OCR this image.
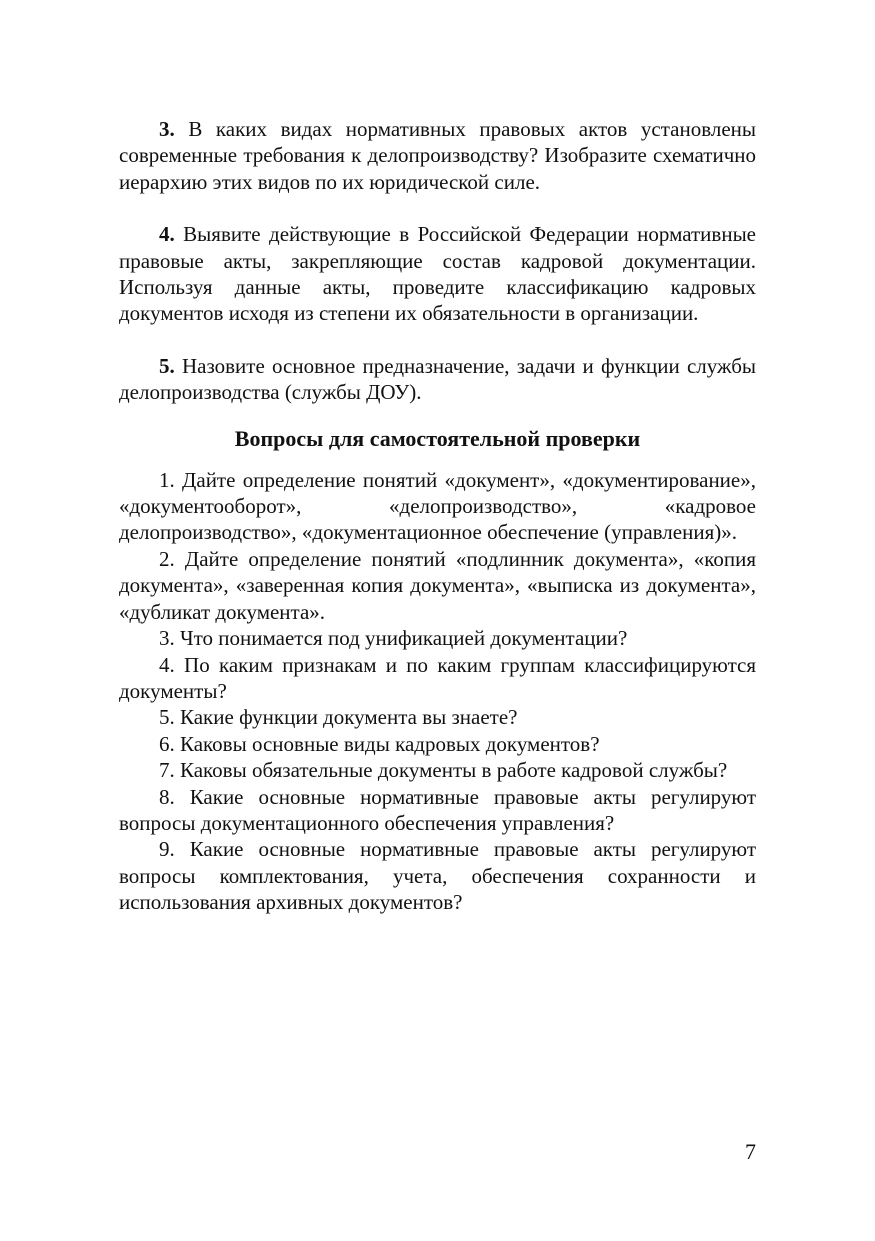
3. В каких видах нормативных правовых актов установлены современные требования к делопроизводству? Изобразите схематично иерархию этих видов по их юридической силе.

4. Выявите действующие в Российской Федерации нормативные правовые акты, закрепляющие состав кадровой документации. Используя данные акты, проведите классификацию кадровых документов исходя из степени их обязательности в организации.

5. Назовите основное предназначение, задачи и функции службы делопроизводства (службы ДОУ).

Вопросы для самостоятельной проверки

1. Дайте определение понятий «документ», «документирование», «документооборот», «делопроизводство», «кадровое делопроизводство», «документационное обеспечение (управления)».

2. Дайте определение понятий «подлинник документа», «копия документа», «заверенная копия документа», «выписка из документа», «дубликат документа».

3. Что понимается под унификацией документации?

4. По каким признакам и по каким группам классифицируются документы?

5. Какие функции документа вы знаете?

6. Каковы основные виды кадровых документов?

7. Каковы обязательные документы в работе кадровой службы?

8. Какие основные нормативные правовые акты регулируют вопросы документационного обеспечения управления?

9. Какие основные нормативные правовые акты регулируют вопросы комплектования, учета, обеспечения сохранности и использования архивных документов?

7
